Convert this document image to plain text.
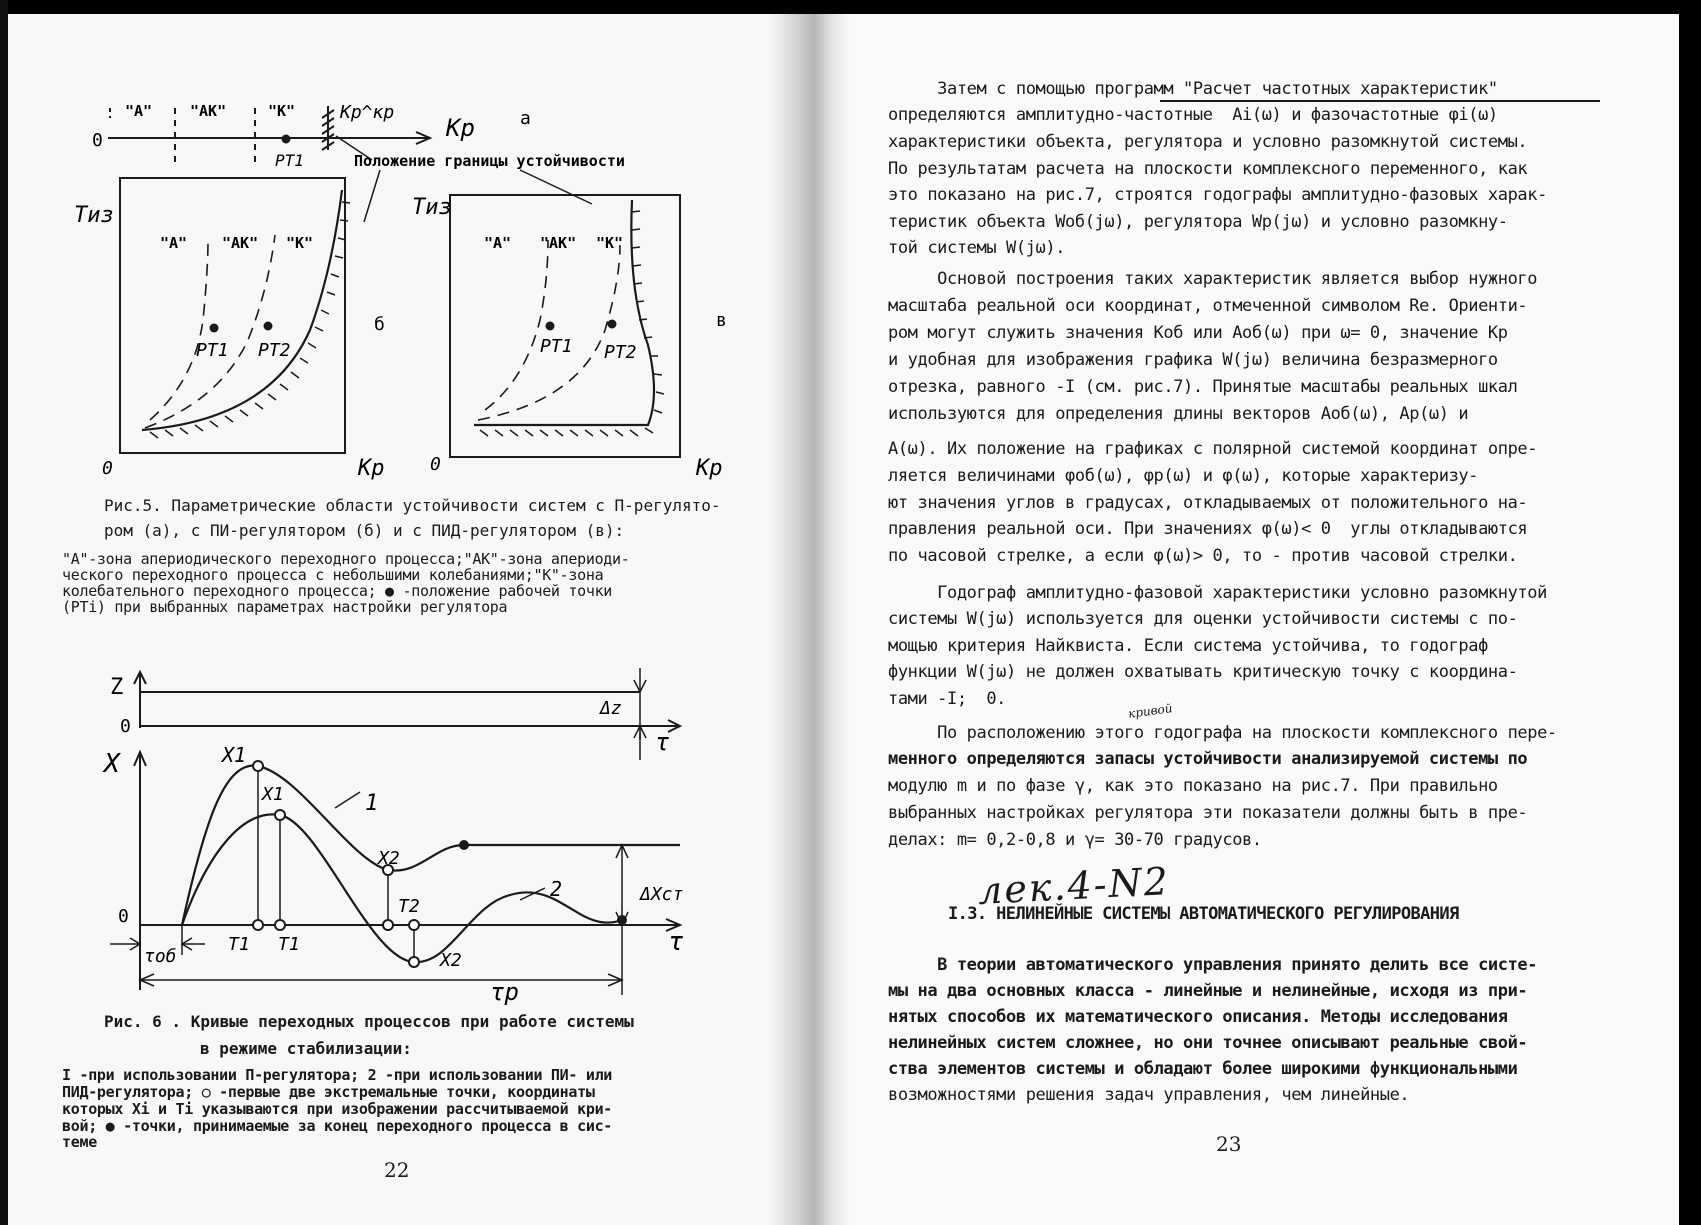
"A"	"AK"	"K"
0	Kp
Kp^кр
PT1
a
Положение границы устойчивости
Tиз
Kp
0
"A" "AK" "K"
PT1 PT2
б
Tиз
Kp
0
"A" "AK" "K"
PT1 PT2
в
Рис.5. Параметрические области устойчивости систем с П-регулято-
ром (а), с ПИ-регулятором (б) и с ПИД-регулятором (в):
"A"-зона апериодического переходного процесса;"AK"-зона апериоди-
ческого переходного процесса с небольшими колебаниями;"K"-зона
колебательного переходного процесса; ● -положение рабочей точки
(PTi) при выбранных параметрах настройки регулятора
Z
0
Δz
τ
X
0
τ
ΔXст
τоб
τp
1
2
X1
X1
X2
T2
X2
T1 T1
Рис. 6 . Кривые переходных процессов при работе системы
в режиме стабилизации:
I -при использовании П-регулятора; 2 -при использовании ПИ- или
ПИД-регулятора; ○ -первые две экстремальные точки, координаты
которых Xi и Ti указываются при изображении рассчитываемой кри-
вой; ● -точки, принимаемые за конец переходного процесса в сис-
теме
22
Затем с помощью программ "Расчет частотных характеристик"
определяются амплитудно-частотные  Ai(ω) и фазочастотные φi(ω)
характеристики объекта, регулятора и условно разомкнутой системы.
По результатам расчета на плоскости комплексного переменного, как
это показано на рис.7, строятся годографы амплитудно-фазовых харак-
теристик объекта Wоб(jω), регулятора Wp(jω) и условно разомкну-
той системы W(jω).
Основой построения таких характеристик является выбор нужного
масштаба реальной оси координат, отмеченной символом Re. Ориенти-
ром могут служить значения Kоб или Aоб(ω) при ω= 0, значение Kp
и удобная для изображения графика W(jω) величина безразмерного
отрезка, равного -I (см. рис.7). Принятые масштабы реальных шкал
используются для определения длины векторов Aоб(ω), Ap(ω) и
A(ω). Их положение на графиках с полярной системой координат опре-
ляется величинами φоб(ω), φp(ω) и φ(ω), которые характеризу-
ют значения углов в градусах, откладываемых от положительного на-
правления реальной оси. При значениях φ(ω)< 0  углы откладываются
по часовой стрелке, а если φ(ω)> 0, то - против часовой стрелки.
Годограф амплитудно-фазовой характеристики условно разомкнутой
системы W(jω) используется для оценки устойчивости системы с по-
мощью критерия Найквиста. Если система устойчива, то годограф
функции W(jω) не должен охватывать критическую точку с координа-
тами -I;  0.
кривой
По расположению этого годографа на плоскости комплексного пере-
менного определяются запасы устойчивости анализируемой системы по
модулю m и по фазе γ, как это показано на рис.7. При правильно
выбранных настройках регулятора эти показатели должны быть в пре-
делах: m= 0,2-0,8 и γ= 30-70 градусов.
лек.4-N2
I.3. НЕЛИНЕЙНЫЕ СИСТЕМЫ АВТОМАТИЧЕСКОГО РЕГУЛИРОВАНИЯ
В теории автоматического управления принято делить все систе-
мы на два основных класса - линейные и нелинейные, исходя из при-
нятых способов их математического описания. Методы исследования
нелинейных систем сложнее, но они точнее описывают реальные свой-
ства элементов системы и обладают более широкими функциональными
возможностями решения задач управления, чем линейные.
23
